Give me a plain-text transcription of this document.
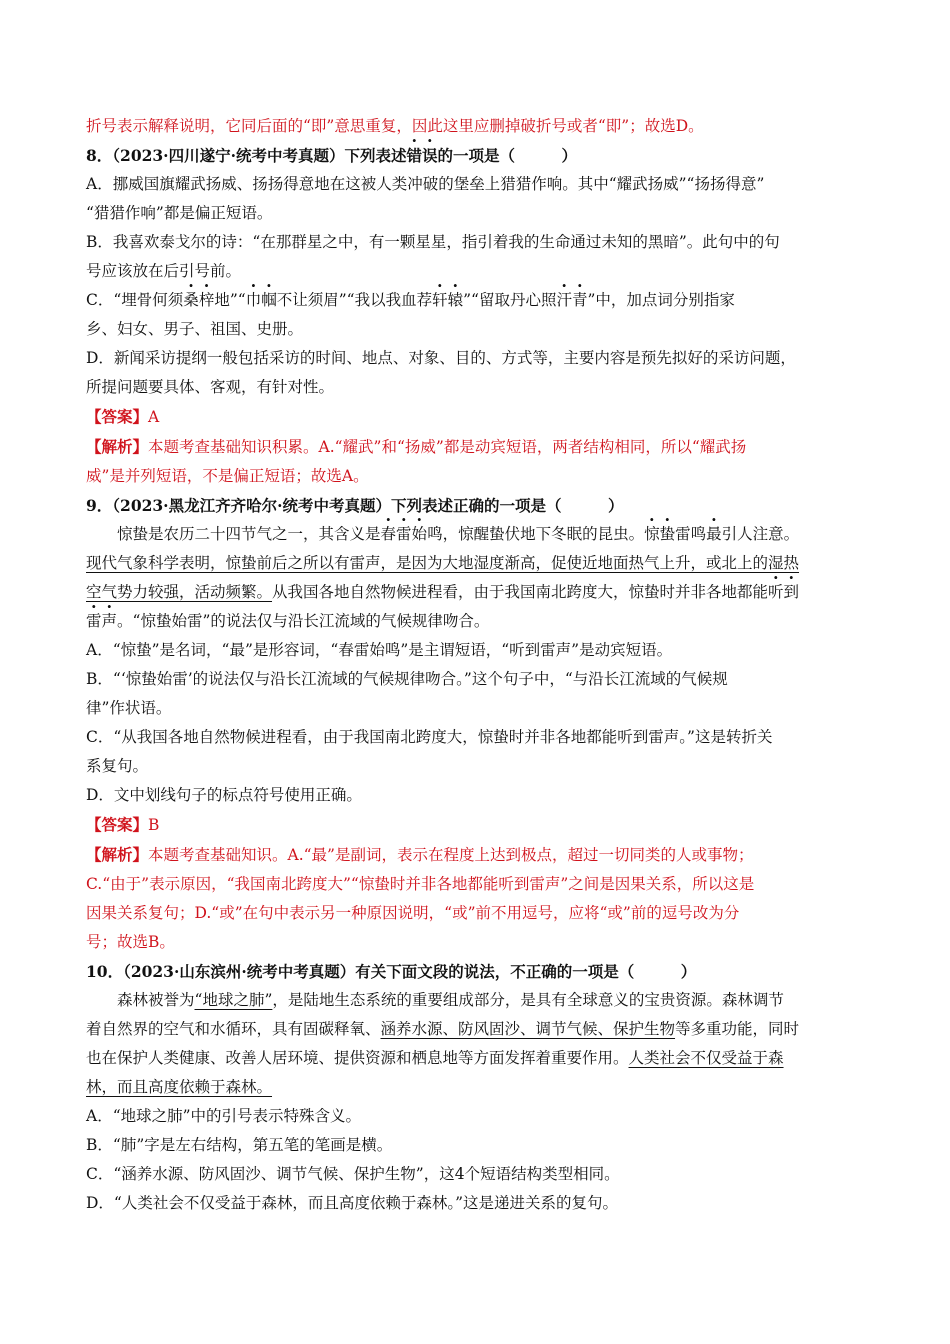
折号表示解释说明，它同后面的“即”意思重复，因此这里应删掉破折号或者“即”；故选D。
8．（2023·四川遂宁·统考中考真题）下列表述错误的一项是（　　　）
A．挪威国旗耀武扬威、扬扬得意地在这被人类冲破的堡垒上猎猎作响。其中“耀武扬威”“扬扬得意”
“猎猎作响”都是偏正短语。
B．我喜欢泰戈尔的诗：“在那群星之中，有一颗星星，指引着我的生命通过未知的黑暗”。此句中的句
号应该放在后引号前。
C．“埋骨何须桑梓地”“巾帼不让须眉”“我以我血荐轩辕”“留取丹心照汗青”中，加点词分别指家
乡、妇女、男子、祖国、史册。
D．新闻采访提纲一般包括采访的时间、地点、对象、目的、方式等，主要内容是预先拟好的采访问题，
所提问题要具体、客观，有针对性。
【答案】A
【解析】本题考查基础知识积累。A.“耀武”和“扬威”都是动宾短语，两者结构相同，所以“耀武扬
威”是并列短语，不是偏正短语；故选A。
9．（2023·黑龙江齐齐哈尔·统考中考真题）下列表述正确的一项是（　　　）
惊蛰是农历二十四节气之一，其含义是春雷始鸣，惊醒蛰伏地下冬眠的昆虫。惊蛰雷鸣最引人注意。
现代气象科学表明，惊蛰前后之所以有雷声，是因为大地湿度渐高，促使近地面热气上升，或北上的湿热
空气势力较强，活动频繁。从我国各地自然物候进程看，由于我国南北跨度大，惊蛰时并非各地都能听到
雷声。“惊蛰始雷”的说法仅与沿长江流域的气候规律吻合。
A．“惊蛰”是名词，“最”是形容词，“春雷始鸣”是主谓短语，“听到雷声”是动宾短语。
B．“‘惊蛰始雷’的说法仅与沿长江流域的气候规律吻合。”这个句子中，“与沿长江流域的气候规
律”作状语。
C．“从我国各地自然物候进程看，由于我国南北跨度大，惊蛰时并非各地都能听到雷声。”这是转折关
系复句。
D．文中划线句子的标点符号使用正确。
【答案】B
【解析】本题考查基础知识。A.“最”是副词，表示在程度上达到极点，超过一切同类的人或事物；
C.“由于”表示原因，“我国南北跨度大”“惊蛰时并非各地都能听到雷声”之间是因果关系，所以这是
因果关系复句；D.“或”在句中表示另一种原因说明，“或”前不用逗号，应将“或”前的逗号改为分
号；故选B。
10．（2023·山东滨州·统考中考真题）有关下面文段的说法，不正确的一项是（　　　）
森林被誉为“地球之肺”，是陆地生态系统的重要组成部分，是具有全球意义的宝贵资源。森林调节
着自然界的空气和水循环，具有固碳释氧、涵养水源、防风固沙、调节气候、保护生物等多重功能，同时
也在保护人类健康、改善人居环境、提供资源和栖息地等方面发挥着重要作用。人类社会不仅受益于森
林，而且高度依赖于森林。
A．“地球之肺”中的引号表示特殊含义。
B．“肺”字是左右结构，第五笔的笔画是横。
C．“涵养水源、防风固沙、调节气候、保护生物”，这4个短语结构类型相同。
D．“人类社会不仅受益于森林，而且高度依赖于森林。”这是递进关系的复句。
